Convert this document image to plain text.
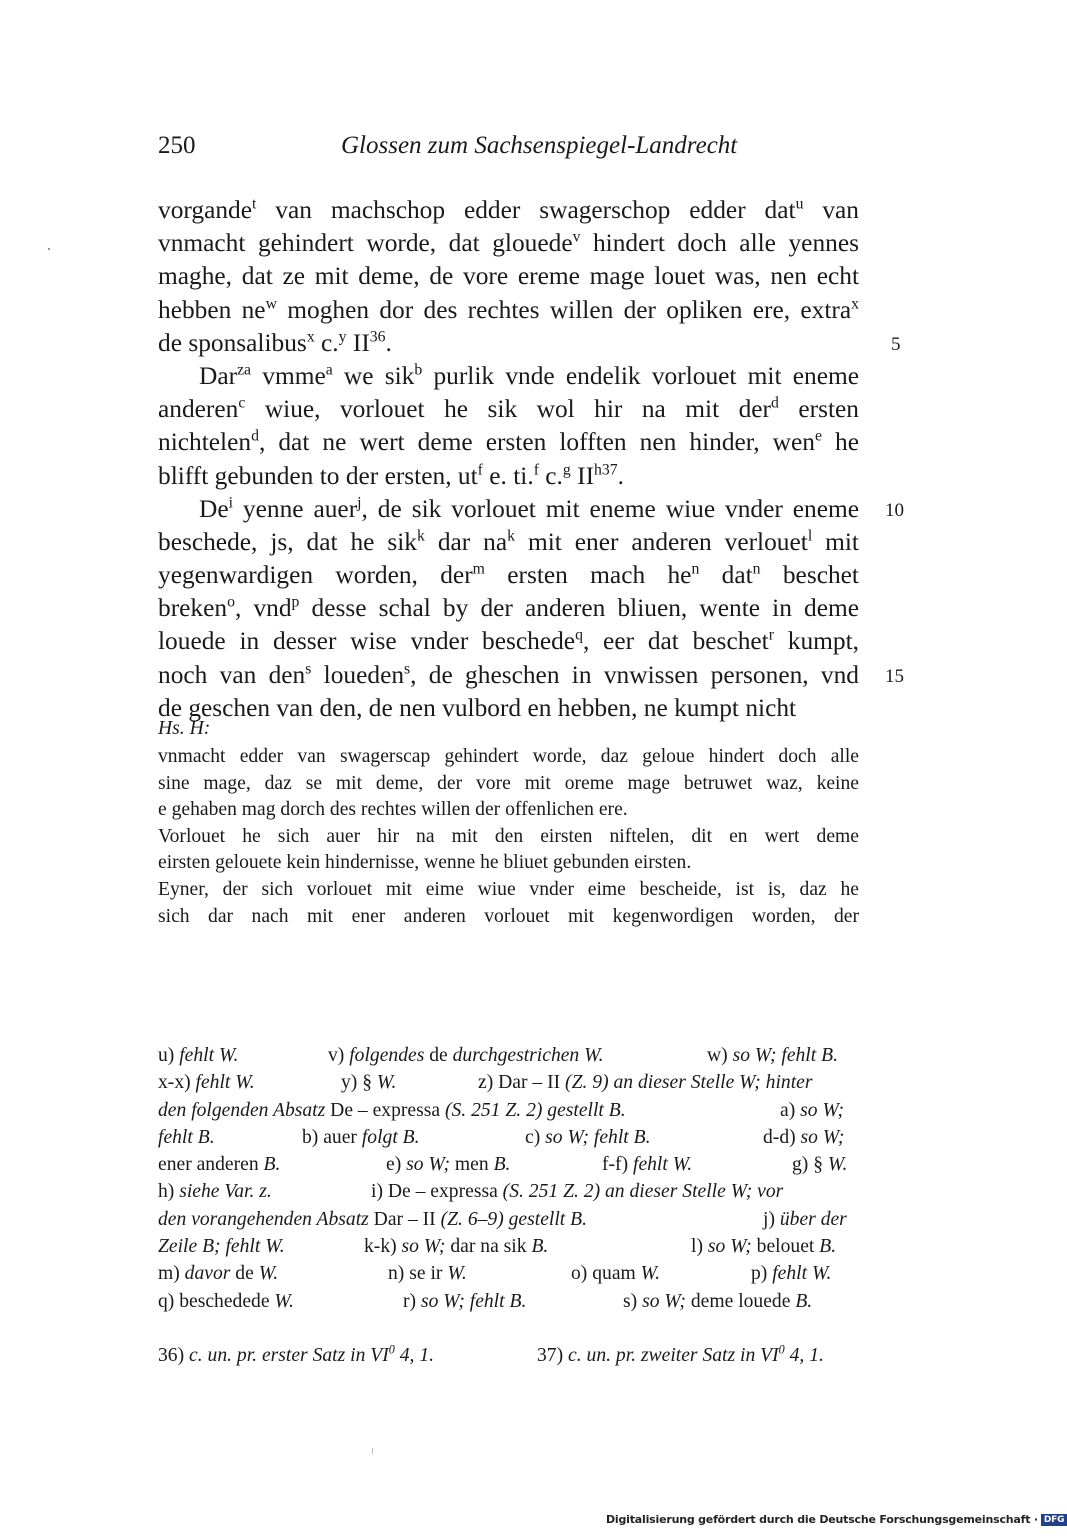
250	Glossen zum Sachsenspiegel-Landrecht
vorgande$^t$ van machschop edder swagerschop edder dat$^u$ van
vnmacht gehindert worde, dat glouede$^v$ hindert doch alle yennes
maghe, dat ze mit deme, de vore ereme mage louet was, nen echt
hebben $ne^w$ moghen dor des rechtes willen der opliken ere, extra$^x$
de sponsalibus$^x$ c.$^y$ II$^{36}$.
Dar$^{za}$ vmme$^a$ we sik$^b$ purlik vnde endelik vorlouet mit eneme
anderen$^c$ wiue, vorlouet he sik wol hir na mit der$^d$ ersten
nichtelen$^d$, dat ne wert deme ersten lofften nen hinder, wen$^e$ he
blifft gebunden to der ersten, $ut^f$ e. ti.$^f$ c.$^g$ $II^{h37}$.
De$^i$ yenne auer$^j$, de sik vorlouet mit eneme wiue vnder eneme
beschede, js, dat he sik$^k$ dar $na^k$ mit ener anderen verlouet$^l$ mit
yegenwardigen worden, der$^m$ ersten mach $he^n$ dat$^n$ beschet
breken$^o$, vnd$^p$ desse schal by der anderen bliuen, wente in deme
louede in desser wise vnder beschede$^q$, eer dat beschet$^r$ kumpt,
noch van den$^s$ loueden$^s$, de gheschen in vnwissen personen, vnd
de geschen van den, de nen vulbord en hebben, ne kumpt nicht
Hs. H:
vnmacht edder van swagerscap gehindert worde, daz geloue hindert doch alle
sine mage, daz se mit deme, der vore mit oreme mage betruwet waz, keine
e gehaben mag dorch des rechtes willen der offenlichen ere.
Vorlouet he sich auer hir na mit den eirsten niftelen, dit en wert deme
eirsten gelouete kein hindernisse, wenne he bliuet gebunden eirsten.
Eyner, der sich vorlouet mit eime wiue vnder eime bescheide, ist is, daz he
sich dar nach mit ener anderen vorlouet mit kegenwordigen worden, der
u) fehlt W.	v) folgendes de durchgestrichen W.	w) so W; fehlt B.
x-x) fehlt W.	y) § W.	z) Dar – II (Z. 9) an dieser Stelle W; hinter
den folgenden Absatz De – expressa (S. 251 Z. 2) gestellt B.	a) so W;
fehlt B.	b) auer folgt B.	c) so W; fehlt B.	d-d) so W;
ener anderen B.	e) so W; men B.	f-f) fehlt W.	g) § W.
h) siehe Var. z.	i) De – expressa (S. 251 Z. 2) an dieser Stelle W; vor
den vorangehenden Absatz Dar – II (Z. 6–9) gestellt B.	j) über der
Zeile B; fehlt W.	k-k) so W; dar na sik B.	l) so W; belouet B.
m) davor de W.	n) se ir W.	o) quam W.	p) fehlt W.
q) beschedede W.	r) so W; fehlt B.	s) so W; deme louede B.
36) c. un. pr. erster Satz in $VI^0$ 4, 1.	37) c. un. pr. zweiter Satz in $VI^0$ 4, 1.
Digitalisierung gefördert durch die Deutsche Forschungsgemeinschaft · DFG
5
10
15
